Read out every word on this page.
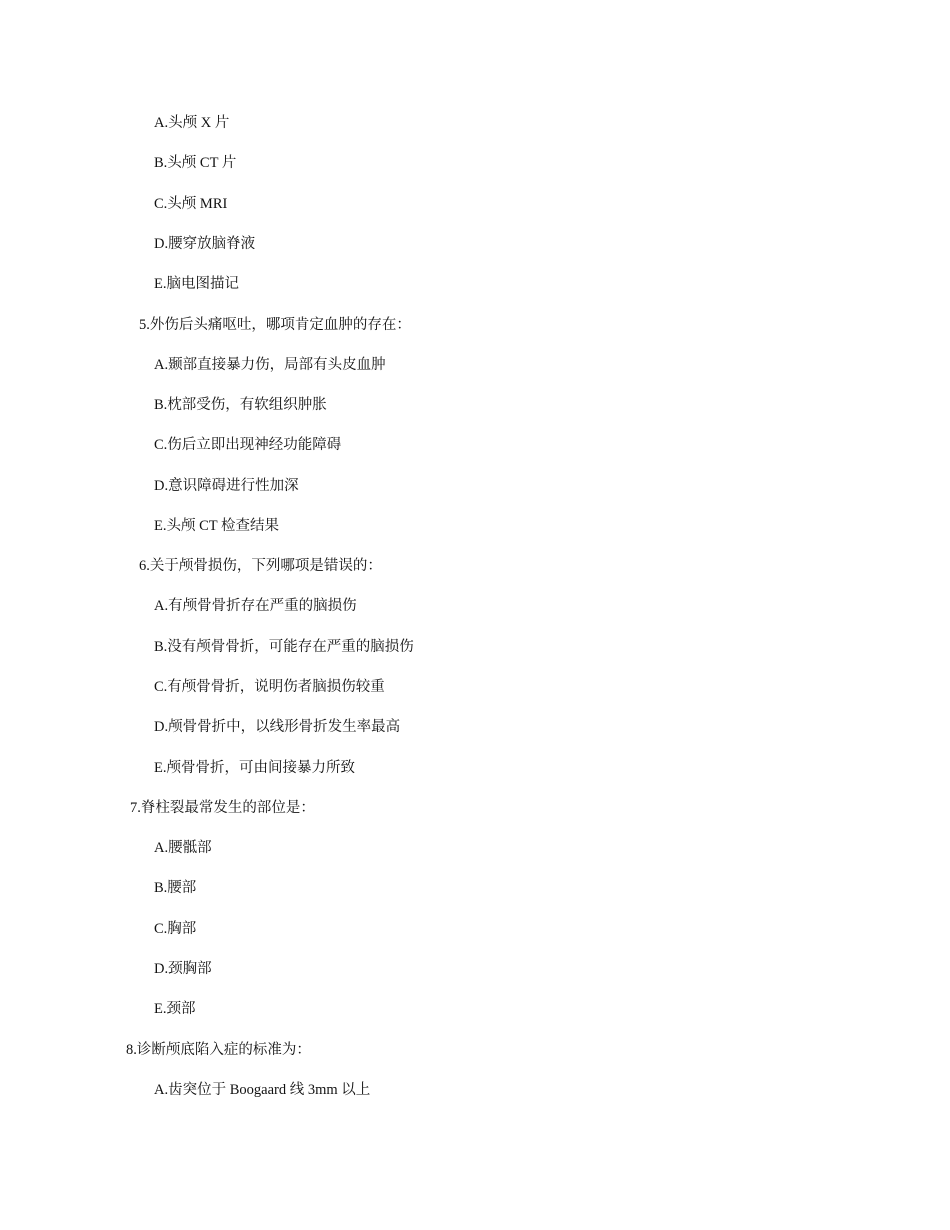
A.头颅 X 片
B.头颅 CT 片
C.头颅 MRI
D.腰穿放脑脊液
E.脑电图描记
5.外伤后头痛呕吐，哪项肯定血肿的存在：
A.颞部直接暴力伤，局部有头皮血肿
B.枕部受伤，有软组织肿胀
C.伤后立即出现神经功能障碍
D.意识障碍进行性加深
E.头颅 CT 检查结果
6.关于颅骨损伤，下列哪项是错误的：
A.有颅骨骨折存在严重的脑损伤
B.没有颅骨骨折，可能存在严重的脑损伤
C.有颅骨骨折，说明伤者脑损伤较重
D.颅骨骨折中，以线形骨折发生率最高
E.颅骨骨折，可由间接暴力所致
7.脊柱裂最常发生的部位是：
A.腰骶部
B.腰部
C.胸部
D.颈胸部
E.颈部
8.诊断颅底陷入症的标准为：
A.齿突位于 Boogaard 线 3mm 以上
